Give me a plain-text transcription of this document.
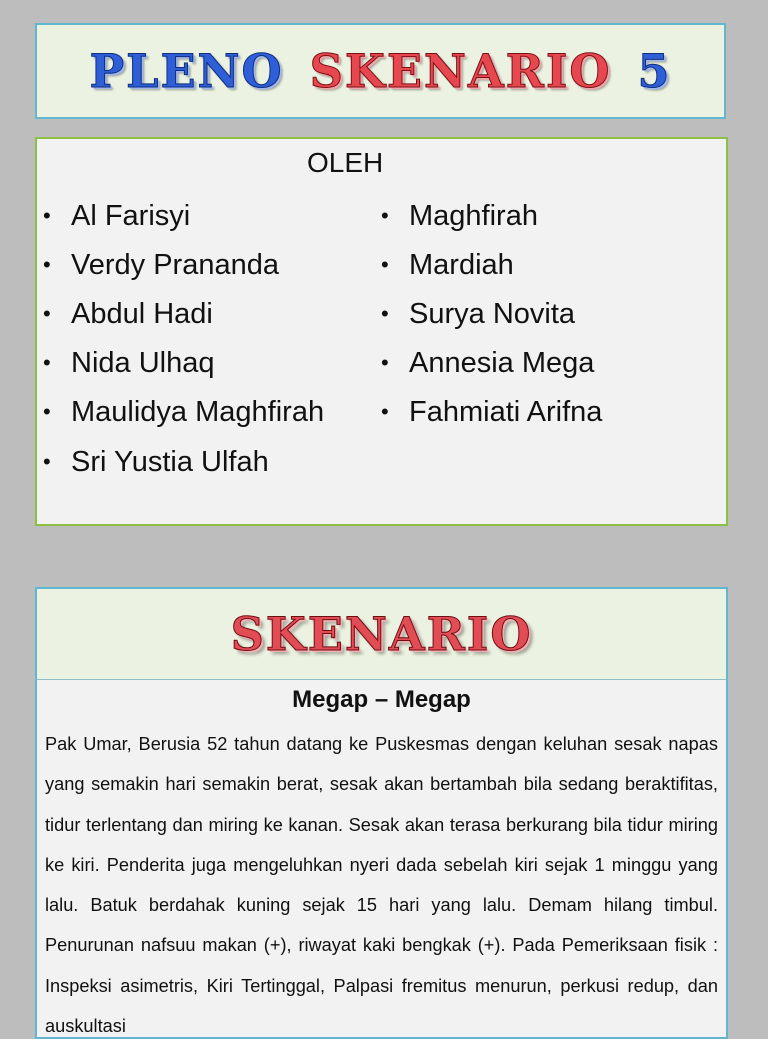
PLENO SKENARIO 5
OLEH
• Al Farisyi
• Verdy Prananda
• Abdul Hadi
• Nida Ulhaq
• Maulidya Maghfirah
• Sri Yustia Ulfah
• Maghfirah
• Mardiah
• Surya Novita
• Annesia Mega
• Fahmiati Arifna
SKENARIO
Megap – Megap
Pak Umar, Berusia 52 tahun datang ke Puskesmas dengan keluhan sesak napas yang semakin hari semakin berat, sesak akan bertambah bila sedang beraktifitas, tidur terlentang dan miring ke kanan. Sesak akan terasa berkurang bila tidur miring ke kiri. Penderita juga mengeluhkan nyeri dada sebelah kiri sejak 1 minggu yang lalu. Batuk berdahak kuning sejak 15 hari yang lalu. Demam hilang timbul. Penurunan nafsuu makan (+), riwayat kaki bengkak (+). Pada Pemeriksaan fisik : Inspeksi asimetris, Kiri Tertinggal, Palpasi fremitus menurun, perkusi redup, dan auskultasi
